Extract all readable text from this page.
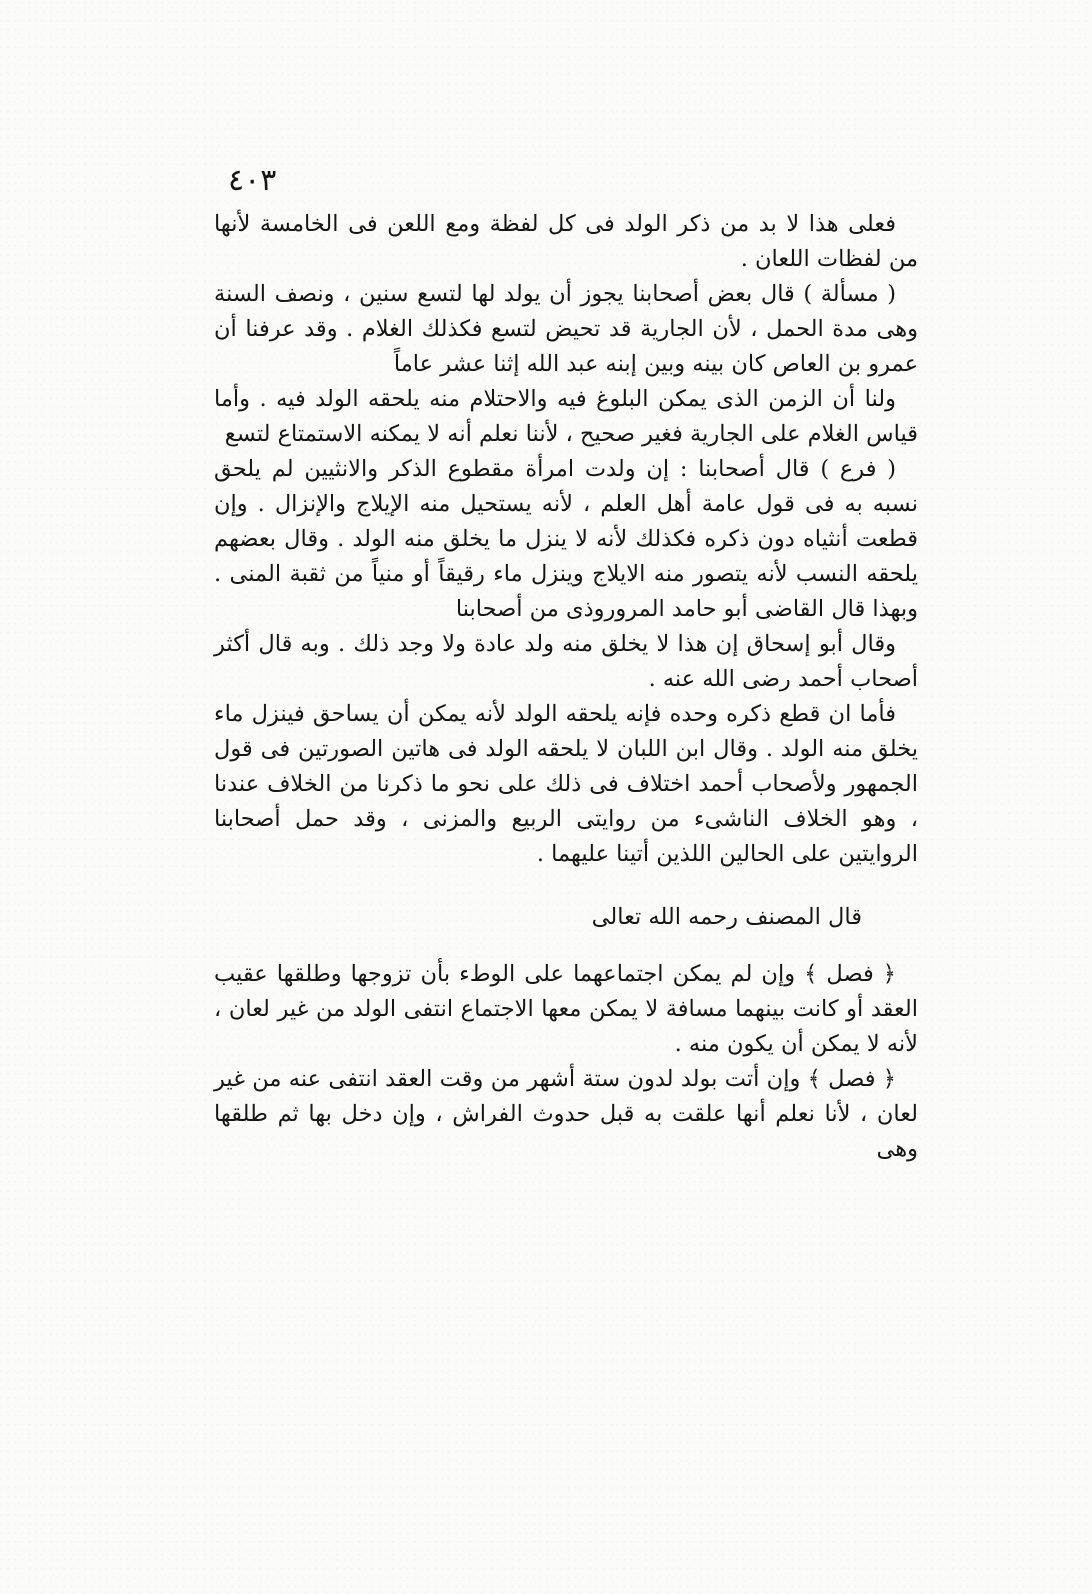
٤٠٣

فعلى هذا لا بد من ذكر الولد فى كل لفظة ومع اللعن فى الخامسة لأنها من لفظات اللعان .

( مسألة ) قال بعض أصحابنا يجوز أن يولد لها لتسع سنين ، ونصف السنة وهى مدة الحمل ، لأن الجارية قد تحيض لتسع فكذلك الغلام . وقد عرفنا أن عمرو بن العاص كان بينه وبين إبنه عبد الله إثنا عشر عاماً

ولنا أن الزمن الذى يمكن البلوغ فيه والاحتلام منه يلحقه الولد فيه . وأما قياس الغلام على الجارية فغير صحيح ، لأننا نعلم أنه لا يمكنه الاستمتاع لتسع

( فرع ) قال أصحابنا : إن ولدت امرأة مقطوع الذكر والانثيين لم يلحق نسبه به فى قول عامة أهل العلم ، لأنه يستحيل منه الإيلاج والإنزال . وإن قطعت أنثياه دون ذكره فكذلك لأنه لا ينزل ما يخلق منه الولد . وقال بعضهم يلحقه النسب لأنه يتصور منه الايلاج وينزل ماء رقيقاً أو منياً من ثقبة المنى . وبهذا قال القاضى أبو حامد المروروذى من أصحابنا

وقال أبو إسحاق إن هذا لا يخلق منه ولد عادة ولا وجد ذلك . وبه قال أكثر أصحاب أحمد رضى الله عنه .

فأما ان قطع ذكره وحده فإنه يلحقه الولد لأنه يمكن أن يساحق فينزل ماء يخلق منه الولد . وقال ابن اللبان لا يلحقه الولد فى هاتين الصورتين فى قول الجمهور ولأصحاب أحمد اختلاف فى ذلك على نحو ما ذكرنا من الخلاف عندنا ، وهو الخلاف الناشىء من روايتى الربيع والمزنى ، وقد حمل أصحابنا الروايتين على الحالين اللذين أتينا عليهما .

قال المصنف رحمه الله تعالى

﴿ فصل ﴾ وإن لم يمكن اجتماعهما على الوطء بأن تزوجها وطلقها عقيب العقد أو كانت بينهما مسافة لا يمكن معها الاجتماع انتفى الولد من غير لعان ، لأنه لا يمكن أن يكون منه .

﴿ فصل ﴾ وإن أتت بولد لدون ستة أشهر من وقت العقد انتفى عنه من غير لعان ، لأنا نعلم أنها علقت به قبل حدوث الفراش ، وإن دخل بها ثم طلقها وهى
